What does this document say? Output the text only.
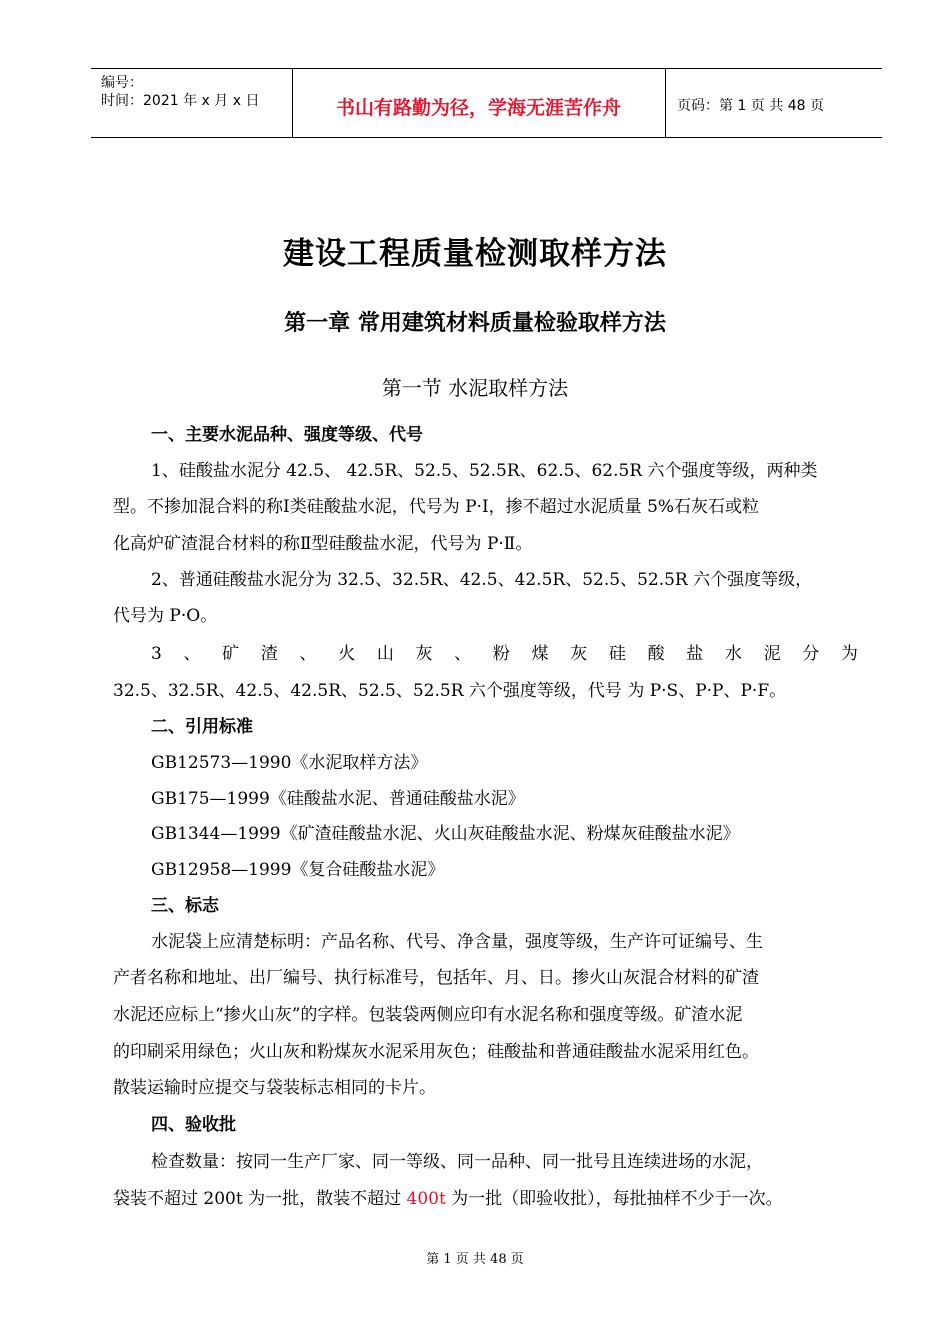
编号：
时间：2021 年 x 月 x 日	书山有路勤为径，学海无涯苦作舟	页码：第 1 页 共 48 页
建设工程质量检测取样方法
第一章 常用建筑材料质量检验取样方法
第一节 水泥取样方法
一、主要水泥品种、强度等级、代号
1、硅酸盐水泥分 42.5、 42.5R、52.5、52.5R、62.5、62.5R 六个强度等级，两种类
型。不掺加混合料的称Ⅰ类硅酸盐水泥，代号为 P·Ⅰ，掺不超过水泥质量 5%石灰石或粒
化高炉矿渣混合材料的称Ⅱ型硅酸盐水泥，代号为 P·Ⅱ。
2、普通硅酸盐水泥分为 32.5、32.5R、42.5、42.5R、52.5、52.5R 六个强度等级，
代号为 P·O。
3 、 矿 渣 、 火 山 灰 、 粉 煤 灰 硅 酸 盐 水 泥 分 为
32.5、32.5R、42.5、42.5R、52.5、52.5R 六个强度等级，代号 为 P·S、P·P、P·F。
二、引用标准
GB12573—1990《水泥取样方法》
GB175—1999《硅酸盐水泥、普通硅酸盐水泥》
GB1344—1999《矿渣硅酸盐水泥、火山灰硅酸盐水泥、粉煤灰硅酸盐水泥》
GB12958—1999《复合硅酸盐水泥》
三、标志
水泥袋上应清楚标明：产品名称、代号、净含量，强度等级，生产许可证编号、生
产者名称和地址、出厂编号、执行标准号，包括年、月、日。掺火山灰混合材料的矿渣
水泥还应标上“掺火山灰”的字样。包装袋两侧应印有水泥名称和强度等级。矿渣水泥
的印刷采用绿色；火山灰和粉煤灰水泥采用灰色；硅酸盐和普通硅酸盐水泥采用红色。
散装运输时应提交与袋装标志相同的卡片。
四、验收批
检查数量：按同一生产厂家、同一等级、同一品种、同一批号且连续进场的水泥，
袋装不超过 200t 为一批，散装不超过 400t 为一批（即验收批），每批抽样不少于一次。
第 1 页 共 48 页
